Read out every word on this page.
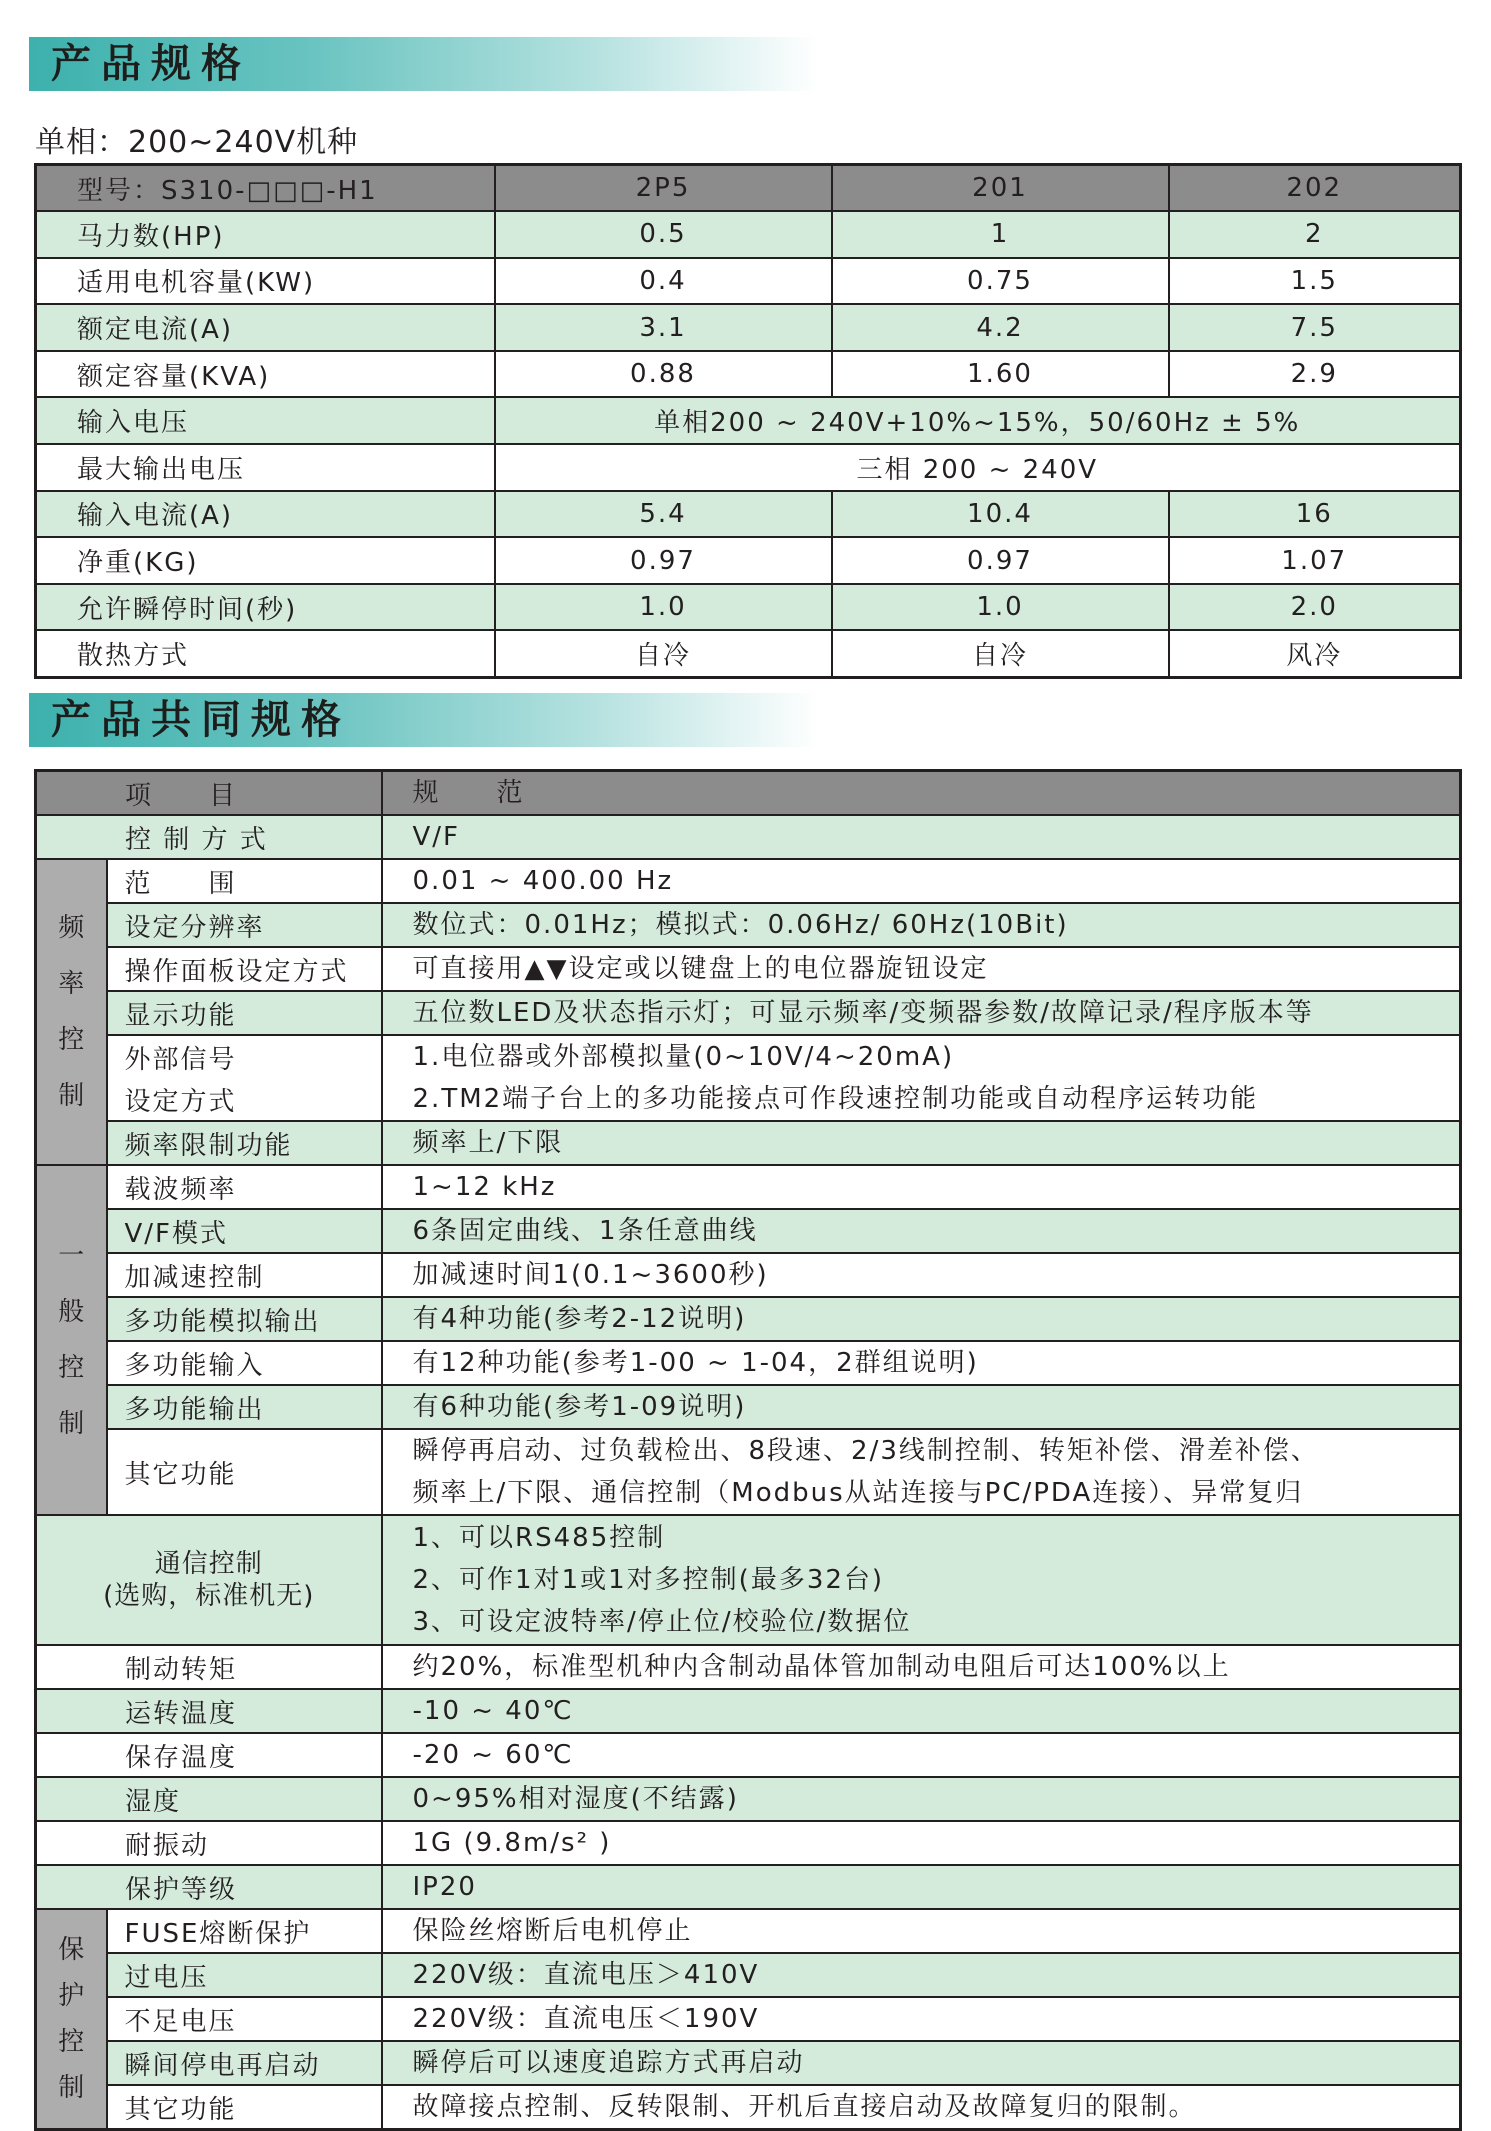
产品规格
单相：200~240V机种
型号：S310-□□□-H1	2P5	201	202
马力数(HP)	0.5	1	2
适用电机容量(KW)	0.4	0.75	1.5
额定电流(A)	3.1	4.2	7.5
额定容量(KVA)	0.88	1.60	2.9
输入电压	单相200 ~ 240V+10%~15%，50/60Hz ± 5%		
最大输出电压	三相 200 ~ 240V		
输入电流(A)	5.4	10.4	16
净重(KG)	0.97	0.97	1.07
允许瞬停时间(秒)	1.0	1.0	2.0
散热方式	自冷	自冷	风冷
产品共同规格
项　　目		规　　范
控 制 方 式		V/F

频
率
控
制	范　　围	0.01 ~ 400.00 Hz
	设定分辨率	数位式：0.01Hz；模拟式：0.06Hz/ 60Hz(10Bit)
	操作面板设定方式	可直接用▲▼设定或以键盘上的电位器旋钮设定
	显示功能	五位数LED及状态指示灯；可显示频率/变频器参数/故障记录/程序版本等
	外部信号	1.电位器或外部模拟量(0~10V/4~20mA)
	设定方式	2.TM2端子台上的多功能接点可作段速控制功能或自动程序运转功能
	频率限制功能	频率上/下限

一
般
控
制	载波频率	1~12 kHz
	V/F模式	6条固定曲线、1条任意曲线
	加减速控制	加减速时间1(0.1~3600秒)
	多功能模拟输出	有4种功能(参考2-12说明)
	多功能输入	有12种功能(参考1-00 ~ 1-04，2群组说明)
	多功能输出	有6种功能(参考1-09说明)
	其它功能	瞬停再启动、过负载检出、8段速、2/3线制控制、转矩补偿、滑差补偿、
频率上/下限、通信控制（Modbus从站连接与PC/PDA连接）、异常复归

通信控制
(选购，标准机无)		1、可以RS485控制
2、可作1对1或1对多控制(最多32台)
3、可设定波特率/停止位/校验位/数据位

制动转矩		约20%，标准型机种内含制动晶体管加制动电阻后可达100%以上
运转温度		-10 ~ 40℃
保存温度		-20 ~ 60℃
湿度		0~95%相对湿度(不结露)
耐振动		1G (9.8m/s² )
保护等级		IP20

保
护
控
制	FUSE熔断保护	保险丝熔断后电机停止
	过电压	220V级：直流电压＞410V
	不足电压	220V级：直流电压＜190V
	瞬间停电再启动	瞬停后可以速度追踪方式再启动
	其它功能	故障接点控制、反转限制、开机后直接启动及故障复归的限制。
